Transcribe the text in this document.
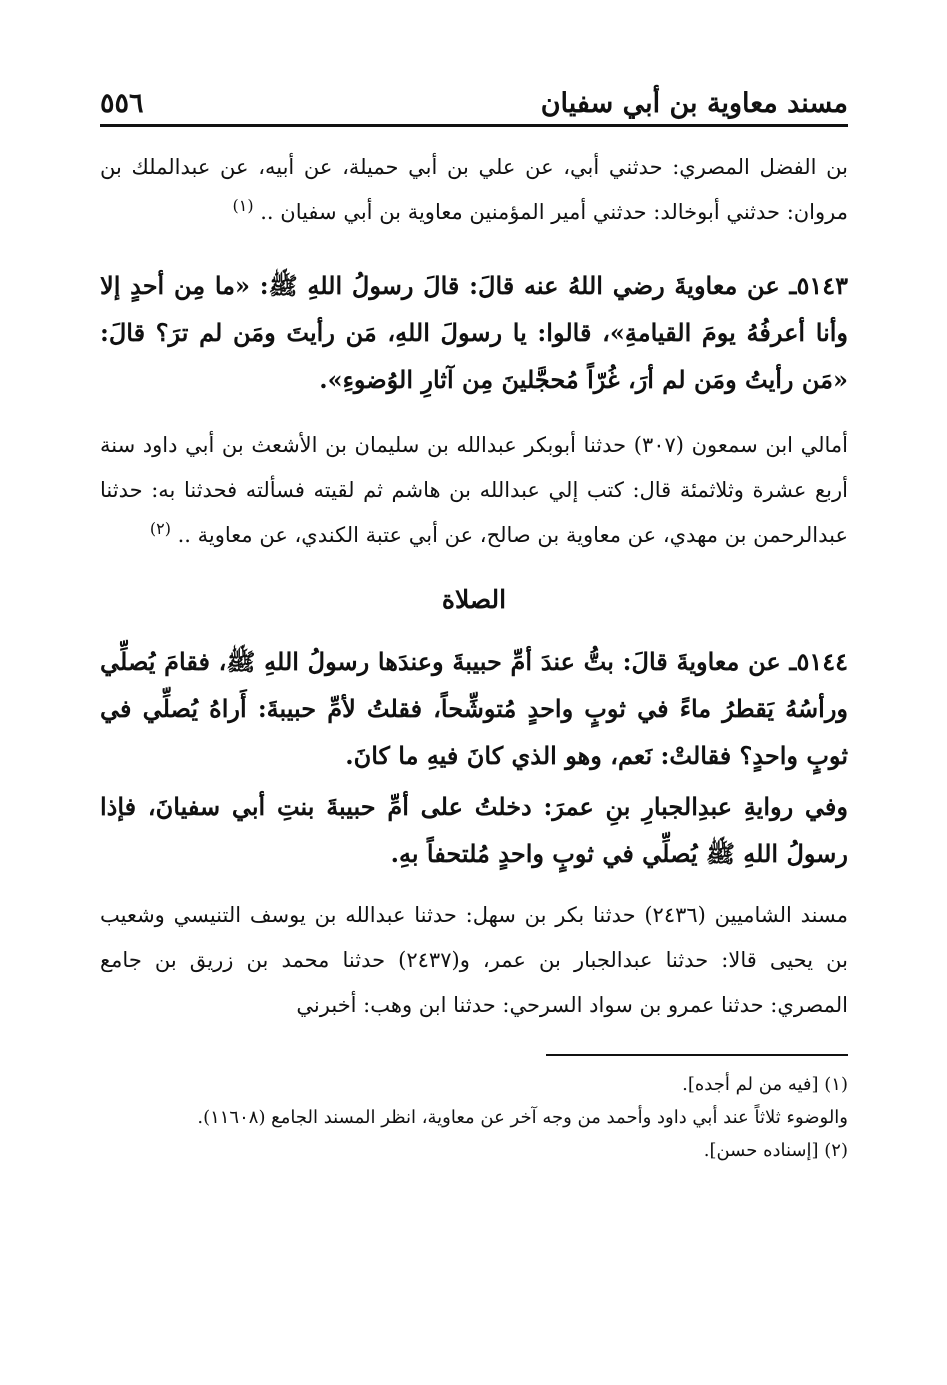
مسند معاوية بن أبي سفيان
٥٥٦

بن الفضل المصري: حدثني أبي، عن علي بن أبي حميلة، عن أبيه، عن عبدالملك بن مروان: حدثني أبوخالد: حدثني أمير المؤمنين معاوية بن أبي سفيان .. $^{(١)}$

٥١٤٣ـ عن معاويةَ رضي اللهُ عنه قالَ: قالَ رسولُ اللهِ ﷺ: «ما مِن أحدٍ إلا وأنا أعرفُهُ يومَ القيامةِ»، قالوا: يا رسولَ اللهِ، مَن رأيتَ ومَن لم ترَ؟ قالَ: «مَن رأيتُ ومَن لم أرَ، غُرّاً مُحجَّلينَ مِن آثارِ الوُضوءِ».

أمالي ابن سمعون (٣٠٧) حدثنا أبوبكر عبدالله بن سليمان بن الأشعث بن أبي داود سنة أربع عشرة وثلاثمئة قال: كتب إلي عبدالله بن هاشم ثم لقيته فسألته فحدثنا به: حدثنا عبدالرحمن بن مهدي، عن معاوية بن صالح، عن أبي عتبة الكندي، عن معاوية .. $^{(٢)}$

الصلاة

٥١٤٤ـ عن معاويةَ قالَ: بتُّ عندَ أمِّ حبيبةَ وعندَها رسولُ اللهِ ﷺ، فقامَ يُصلِّي ورأسُهُ يَقطرُ ماءً في ثوبٍ واحدٍ مُتوشِّحاً، فقلتُ لأمِّ حبيبةَ: أَراهُ يُصلِّي في ثوبٍ واحدٍ؟ فقالتْ: نَعم، وهو الذي كانَ فيهِ ما كانَ.

وفي روايةِ عبدِالجبارِ بنِ عمرَ: دخلتُ على أمِّ حبيبةَ بنتِ أبي سفيانَ، فإذا رسولُ اللهِ ﷺ يُصلِّي في ثوبٍ واحدٍ مُلتحفاً بهِ.

مسند الشاميين (٢٤٣٦) حدثنا بكر بن سهل: حدثنا عبدالله بن يوسف التنيسي وشعيب بن يحيى قالا: حدثنا عبدالجبار بن عمر، و(٢٤٣٧) حدثنا محمد بن زريق بن جامع المصري: حدثنا عمرو بن سواد السرحي: حدثنا ابن وهب: أخبرني

(١) [فيه من لم أجده].

والوضوء ثلاثاً عند أبي داود وأحمد من وجه آخر عن معاوية، انظر المسند الجامع (١١٦٠٨).

(٢) [إسناده حسن].
